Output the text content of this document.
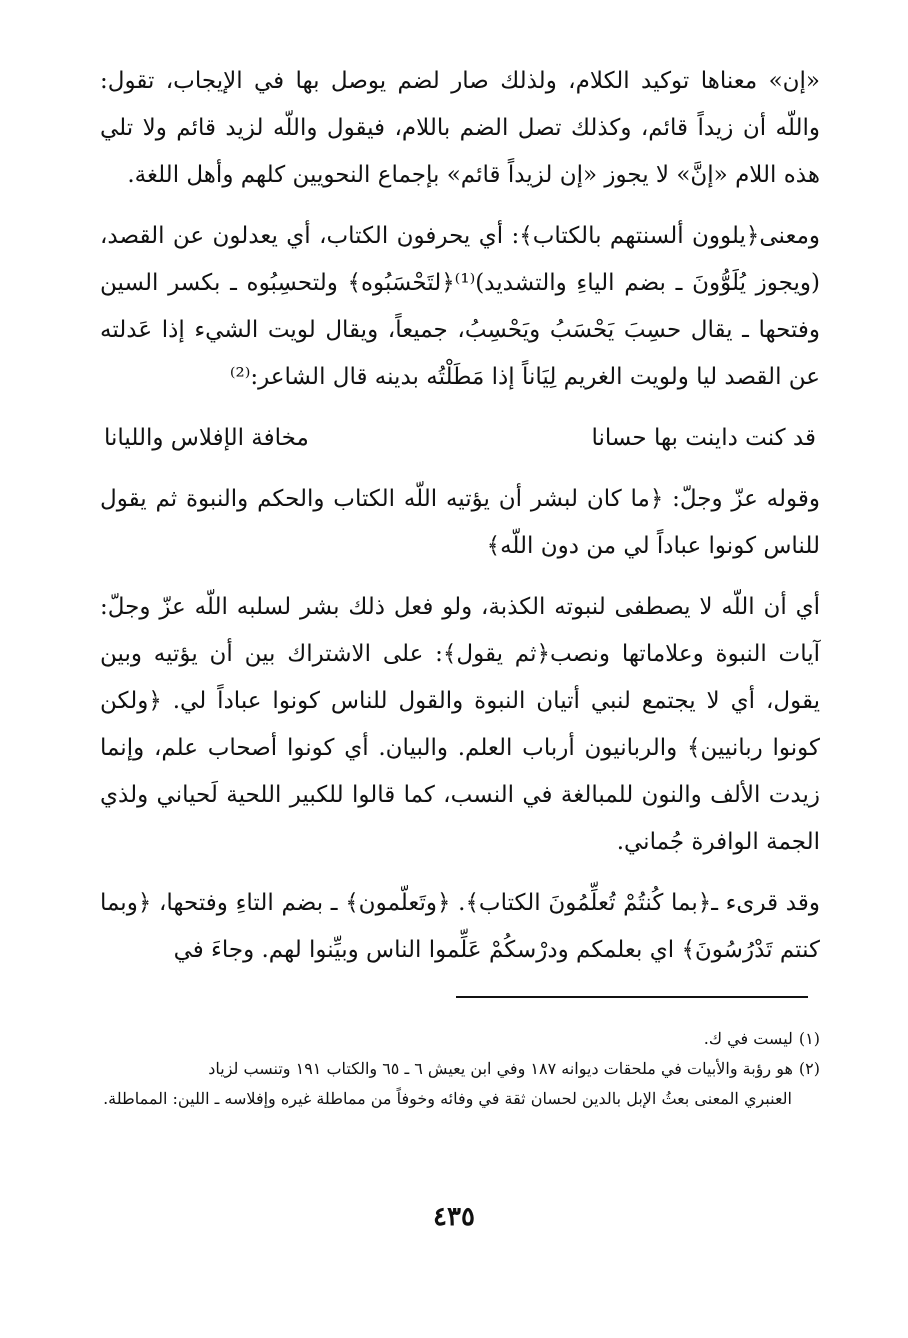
«إن» معناها توكيد الكلام، ولذلك صار لضم يوصل بها في الإيجاب، تقول: واللّه أن زيداً قائم، وكذلك تصل الضم باللام، فيقول واللّه لزيد قائم ولا تلي هذه اللام «إنَّ» لا يجوز «إن لزيداً قائم» بإجماع النحويين كلهم وأهل اللغة.

ومعنى﴿يلوون ألسنتهم بالكتاب﴾: أي يحرفون الكتاب، أي يعدلون عن القصد، (ويجوز يُلَوُّونَ ـ بضم الياءِ والتشديد)⁽¹⁾﴿لتَحْسَبُوه﴾ ولتحسِبُوه ـ بكسر السين وفتحها ـ يقال حسِبَ يَحْسَبُ ويَحْسِبُ، جميعاً، ويقال لويت الشيء إذا عَدلته عن القصد ليا ولويت الغريم لِيَاناً إذا مَطَلْتُه بدينه قال الشاعر:⁽²⁾

قد كنت داينت بها حسانا
مخافة الإفلاس والليانا

وقوله عزّ وجلّ: ﴿ما كان لبشر أن يؤتيه اللّه الكتاب والحكم والنبوة ثم يقول للناس كونوا عباداً لي من دون اللّه﴾

أي أن اللّه لا يصطفى لنبوته الكذبة، ولو فعل ذلك بشر لسلبه اللّه عزّ وجلّ: آيات النبوة وعلاماتها ونصب﴿ثم يقول﴾: على الاشتراك بين أن يؤتيه وبين يقول، أي لا يجتمع لنبي أتيان النبوة والقول للناس كونوا عباداً لي. ﴿ولكن كونوا ربانيين﴾ والربانيون أرباب العلم. والبيان. أي كونوا أصحاب علم، وإنما زيدت الألف والنون للمبالغة في النسب، كما قالوا للكبير اللحية لَحياني ولذي الجمة الوافرة جُماني.

وقد قرىء ـ﴿بما كُنتُمْ تُعلِّمُونَ الكتاب﴾. ﴿وتَعلّمون﴾ ـ بضم التاءِ وفتحها، ﴿وبما كنتم تَدْرُسُونَ﴾ اي بعلمكم ودرْسكُمْ عَلِّموا الناس وبيِّنوا لهم. وجاءَ في

(١)ليست في ك.

(٢)هو رؤبة والأبيات في ملحقات ديوانه ١٨٧ وفي ابن يعيش ٦ ـ ٦٥ والكتاب ١٩١ وتنسب لزياد
العنبري المعنى بعثُ الإبل بالدين لحسان ثقة في وفائه وخوفاً من مماطلة غيره وإفلاسه ـ اللين: المماطلة.

٤٣٥
